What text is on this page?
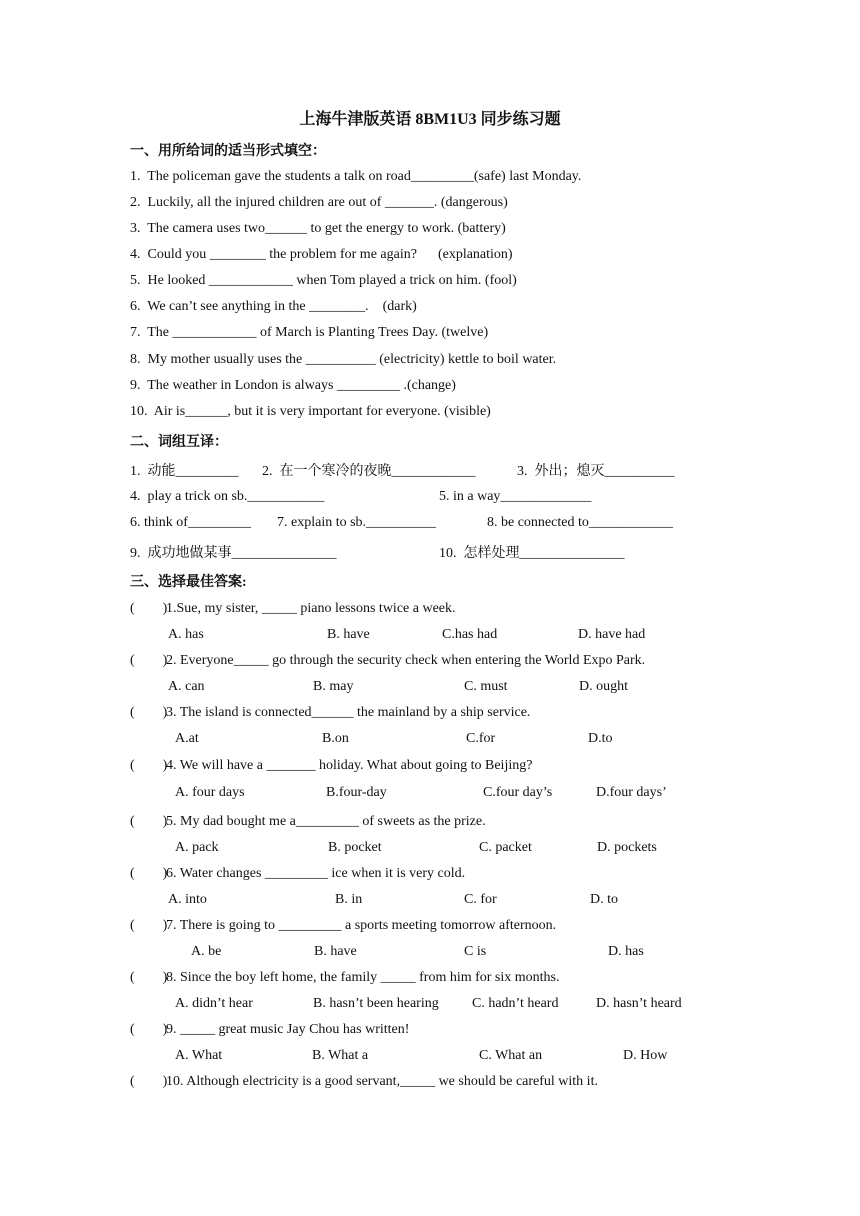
上海牛津版英语 8BM1U3 同步练习题
一、用所给词的适当形式填空：
1.  The policeman gave the students a talk on road_________(safe) last Monday.
2.  Luckily, all the injured children are out of _______. (dangerous)
3.  The camera uses two______ to get the energy to work. (battery)
4.  Could you ________ the problem for me again?      (explanation)
5.  He looked ____________ when Tom played a trick on him. (fool)
6.  We can’t see anything in the ________.    (dark)
7.  The ____________ of March is Planting Trees Day. (twelve)
8.  My mother usually uses the __________ (electricity) kettle to boil water.
9.  The weather in London is always _________ .(change)
10.  Air is______, but it is very important for everyone. (visible)
二、词组互译：
1.  动能_________ 2.  在一个寒冷的夜晚____________	3.  外出；熄灭__________
4.  play a trick on sb.___________	5. in a way_____________
6. think of_________ 7. explain to sb.__________	8. be connected to____________
9.  成功地做某事_______________	10.  怎样处理_______________
三、选择最佳答案:
(        )
1.Sue, my sister, _____ piano lessons twice a week.
A. has	B. have	C.has had	D. have had
(        )
2. Everyone_____ go through the security check when entering the World Expo Park.
A. can	B. may	C. must	D. ought
(        )
3. The island is connected______ the mainland by a ship service.
A.at	B.on	C.for	D.to
(        )
4. We will have a _______ holiday. What about going to Beijing?
A. four days	B.four-day	C.four day’s	D.four days’
(        )
5. My dad bought me a_________ of sweets as the prize.
A. pack	B. pocket	C. packet	D. pockets
(        )
6. Water changes _________ ice when it is very cold.
A. into	B. in	C. for	D. to
(        )
7. There is going to _________ a sports meeting tomorrow afternoon.
A. be	B. have	C is	D. has
(        )
8. Since the boy left home, the family _____ from him for six months.
A. didn’t hear	B. hasn’t been hearing C. hadn’t heard	D. hasn’t heard
(        )
9. _____ great music Jay Chou has written!
A. What	B. What a	C. What an	D. How
(        )
10. Although electricity is a good servant,_____ we should be careful with it.
